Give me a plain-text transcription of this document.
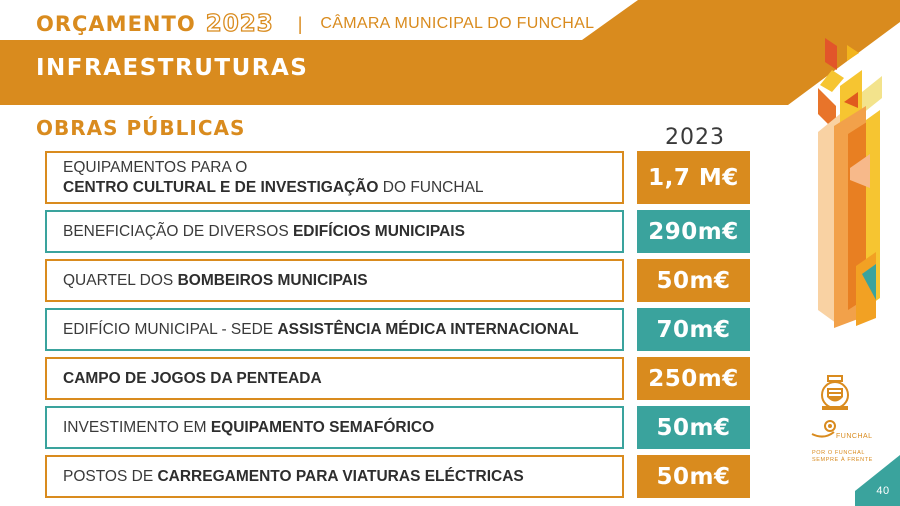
ORÇAMENTO 2023 | CÂMARA MUNICIPAL DO FUNCHAL
INFRAESTRUTURAS
OBRAS PÚBLICAS	2023
EQUIPAMENTOS PARA O
CENTRO CULTURAL E DE INVESTIGAÇÃO DO FUNCHAL	1,7 M€
BENEFICIAÇÃO DE DIVERSOS EDIFÍCIOS MUNICIPAIS	290m€
QUARTEL DOS BOMBEIROS MUNICIPAIS	50m€
EDIFÍCIO MUNICIPAL - SEDE ASSISTÊNCIA MÉDICA INTERNACIONAL	70m€
CAMPO DE JOGOS DA PENTEADA	250m€
INVESTIMENTO EM EQUIPAMENTO SEMAFÓRICO	50m€
POSTOS DE CARREGAMENTO PARA VIATURAS ELÉCTRICAS	50m€
FUNCHAL
POR O FUNCHAL
SEMPRE À FRENTE
40
